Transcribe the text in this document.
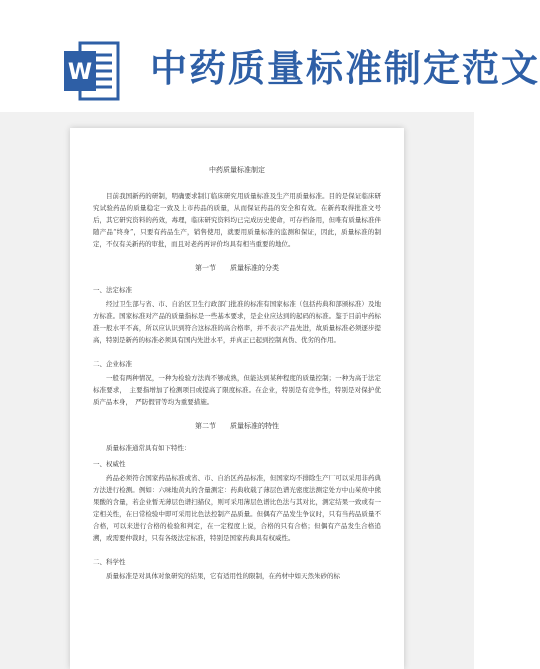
W 中药质量标准制定范文
中药质量标准制定

目前我国新药的研制，明确要求制订临床研究用质量标准及生产用质量标准。目的是保证临床研究试验药品的质量稳定一致及上市药品的质量，从而保证药品的安全和有效。在新药取得批准文号后，其它研究资料的药效，毒理，临床研究资料均已完成历史使命，可存档备用，但唯有质量标准伴随产品“终身”，只要有药品生产，销售使用，就要用质量标准的监测和保证，因此，质量标准的制定，不仅有关新药的审批，而且对老药再评价均具有相当重要的地位。

第一节　　质量标准的分类
一、法定标准

经过卫生部与省、市、自治区卫生行政部门批准的标准有国家标准（包括药典和部颁标准）及地方标准。国家标准对产品的质量指标是一些基本要求，是企业应达到的起码的标准。鉴于目前中药标准一般水平不高，所以应认识到符合这标准的高合格率，并不表示产品先进，故质量标准必须逐步提高，特别是新药的标准必须具有国内先进水平，并真正已起到控制真伪、优劣的作用。

二、企业标准

一般有两种情况，一种为检验方法尚不够成熟，但能达到某种程度的质量控制；一种为高于法定标准要求，　主要指增加了检测项目或提高了限度标准。在企业，特别是有竞争性，特别是对保护优质产品本身，　严防假冒等均为重要措施。

第二节　　质量标准的特性

质量标准通常具有如下特性：

一、权威性

药品必须符合国家药品标准或省、市、自治区药品标准，但国家均不排除生产厂可以采用非药典方法进行检测。例如：六味地黄丸的含量测定：药典收载了薄层色谱光密度法测定处方中山茱萸中熊果酸的含量，若企业暂无薄层色谱扫描仪，则可采用薄层色谱比色法与其对比，测定结果一致或有一定相关性，在日常检验中即可采用比色法控制产品质量。但偶有产品发生争议时，只有当药品质量不合格，可以来进行合格的检验和判定，在一定程度上说，合格的只有合格；但偶有产品发生合格追溯，或需要仲裁时，只有各级法定标准，特别是国家药典具有权威性。

二、科学性

质量标准是对具体对象研究的结果，它有适用性的限制，在药材中如天然朱砂的标
